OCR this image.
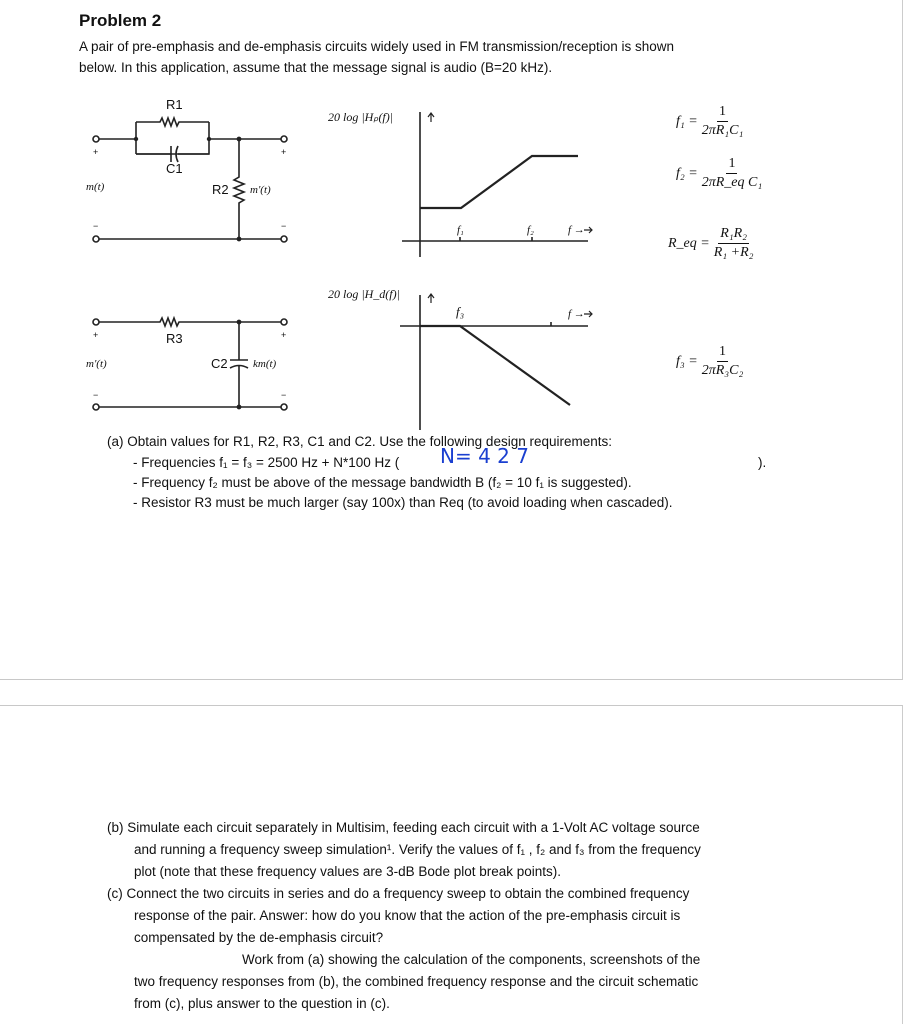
Problem 2
A pair of pre-emphasis and de-emphasis circuits widely used in FM transmission/reception is shown
below. In this application, assume that the message signal is audio (B=20 kHz).
R1
C1
R2
m(t)	m'(t)
+	+
−	−
+	+
−	−
R3
C2
m'(t)	km(t)
20 log |Hₚ(f)|
f₁	f₂	f →
20 log |H_d(f)|
f₃	f →
$f_1 = \frac{1}{\text{2πR₁C₁}}$
$f_2 = \frac{1}{\text{2πR\_eq C₁}}$
R_eq = $\frac{\text{R₁R₂}}{\text{R₁ +R₂}}$
$f_3 = \frac{1}{\text{2πR₃C₂}}$
(a) Obtain values for R1, R2, R3, C1 and C2. Use the following design requirements:
- Frequencies f₁ = f₃ = 2500 Hz + N*100 Hz ( N= 4 2 7	).
- Frequency f₂ must be above of the message bandwidth B (f₂ = 10 f₁ is suggested).
- Resistor R3 must be much larger (say 100x) than Req (to avoid loading when cascaded).
(b) Simulate each circuit separately in Multisim, feeding each circuit with a 1-Volt AC voltage source
and running a frequency sweep simulation¹. Verify the values of f₁ , f₂ and f₃ from the frequency
plot (note that these frequency values are 3-dB Bode plot break points).
(c) Connect the two circuits in series and do a frequency sweep to obtain the combined frequency
response of the pair. Answer: how do you know that the action of the pre-emphasis circuit is
compensated by the de-emphasis circuit?
Work from (a) showing the calculation of the components, screenshots of the
two frequency responses from (b), the combined frequency response and the circuit schematic
from (c), plus answer to the question in (c).
